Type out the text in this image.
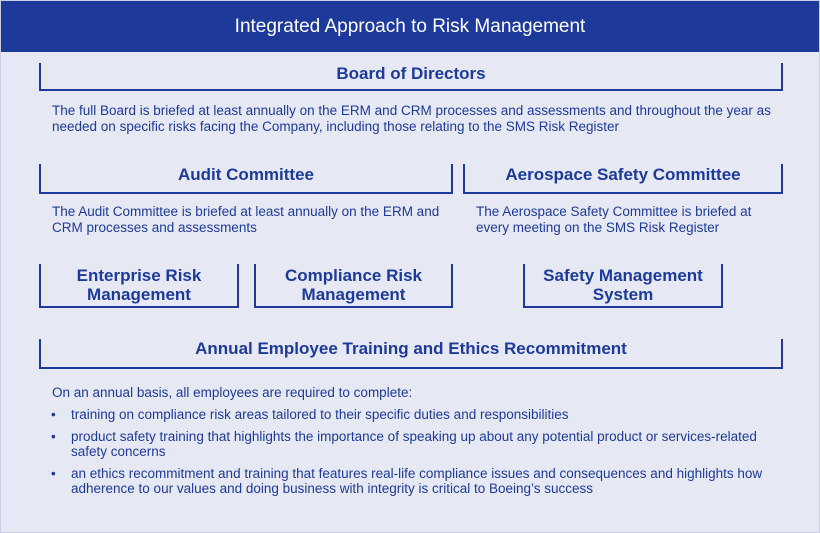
Integrated Approach to Risk Management
Board of Directors
The full Board is briefed at least annually on the ERM and CRM processes and assessments and throughout the year as needed on specific risks facing the Company, including those relating to the SMS Risk Register
Audit Committee
The Audit Committee is briefed at least annually on the ERM and CRM processes and assessments
Aerospace Safety Committee
The Aerospace Safety Committee is briefed at every meeting on the SMS Risk Register
Enterprise Risk
Management
Compliance Risk
Management
Safety Management
System
Annual Employee Training and Ethics Recommitment
On an annual basis, all employees are required to complete:
• training on compliance risk areas tailored to their specific duties and responsibilities
• product safety training that highlights the importance of speaking up about any potential product or services-related safety concerns
• an ethics recommitment and training that features real-life compliance issues and consequences and highlights how adherence to our values and doing business with integrity is critical to Boeing’s success
